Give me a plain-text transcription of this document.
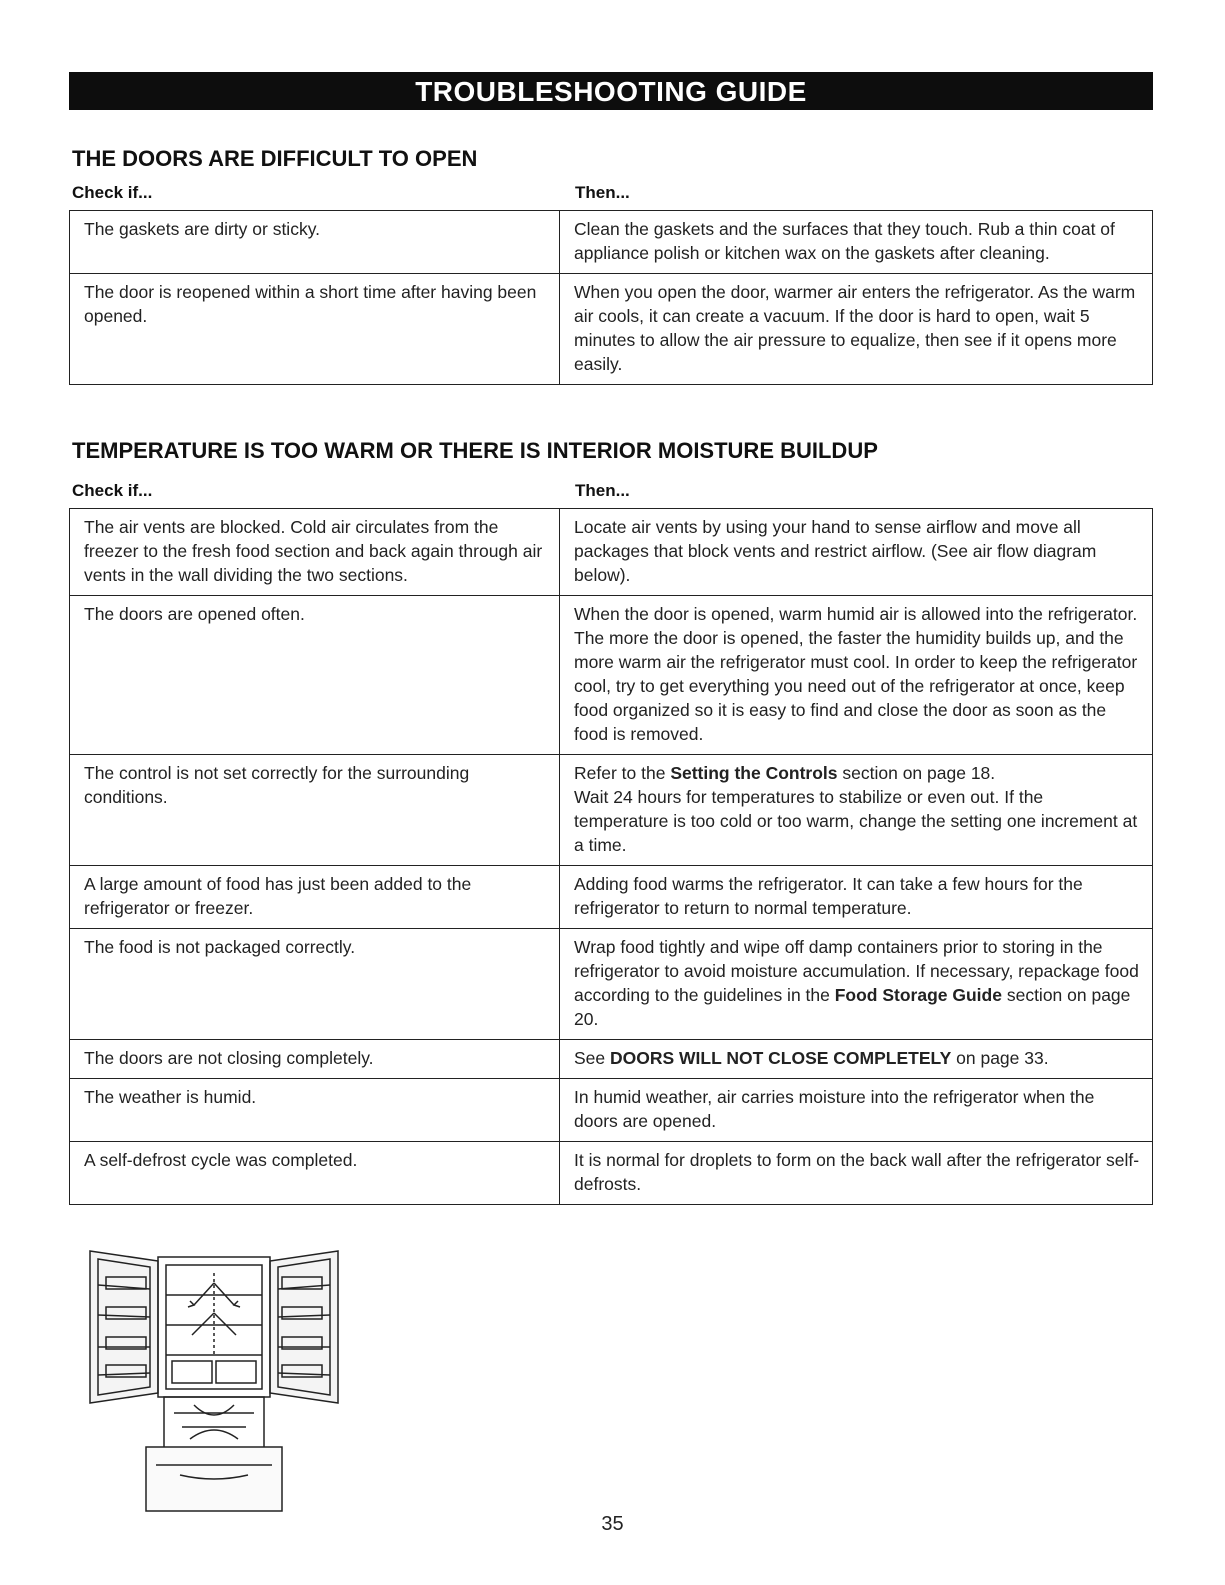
TROUBLESHOOTING GUIDE
THE DOORS ARE DIFFICULT TO OPEN
Check if...	Then...
The gaskets are dirty or sticky.	Clean the gaskets and the surfaces that they touch. Rub a thin coat of appliance polish or kitchen wax on the gaskets after cleaning.
The door is reopened within a short time after having been opened.	When you open the door, warmer air enters the refrigerator. As the warm air cools, it can create a vacuum. If the door is hard to open, wait 5 minutes to allow the air pressure to equalize, then see if it opens more easily.
TEMPERATURE IS TOO WARM OR THERE IS INTERIOR MOISTURE BUILDUP
Check if...	Then...
The air vents are blocked. Cold air circulates from the freezer to the fresh food section and back again through air vents in the wall dividing the two sections.	Locate air vents by using your hand to sense airflow and move all packages that block vents and restrict airflow. (See air flow diagram below).
The doors are opened often.	When the door is opened, warm humid air is allowed into the refrigerator. The more the door is opened, the faster the humidity builds up, and the more warm air the refrigerator must cool. In order to keep the refrigerator cool, try to get everything you need out of the refrigerator at once, keep food organized so it is easy to find and close the door as soon as the food is removed.
The control is not set correctly for the surrounding conditions.	Refer to the Setting the Controls section on page 18.
Wait 24 hours for temperatures to stabilize or even out. If the temperature is too cold or too warm, change the setting one increment at a time.
A large amount of food has just been added to the refrigerator or freezer.	Adding food warms the refrigerator. It can take a few hours for the refrigerator to return to normal temperature.
The food is not packaged correctly.	Wrap food tightly and wipe off damp containers prior to storing in the refrigerator to avoid moisture accumulation. If necessary, repackage food according to the guidelines in the Food Storage Guide section on page 20.
The doors are not closing completely.	See DOORS WILL NOT CLOSE COMPLETELY on page 33.
The weather is humid.	In humid weather, air carries moisture into the refrigerator when the doors are opened.
A self-defrost cycle was completed.	It is normal for droplets to form on the back wall after the refrigerator self-defrosts.
35
